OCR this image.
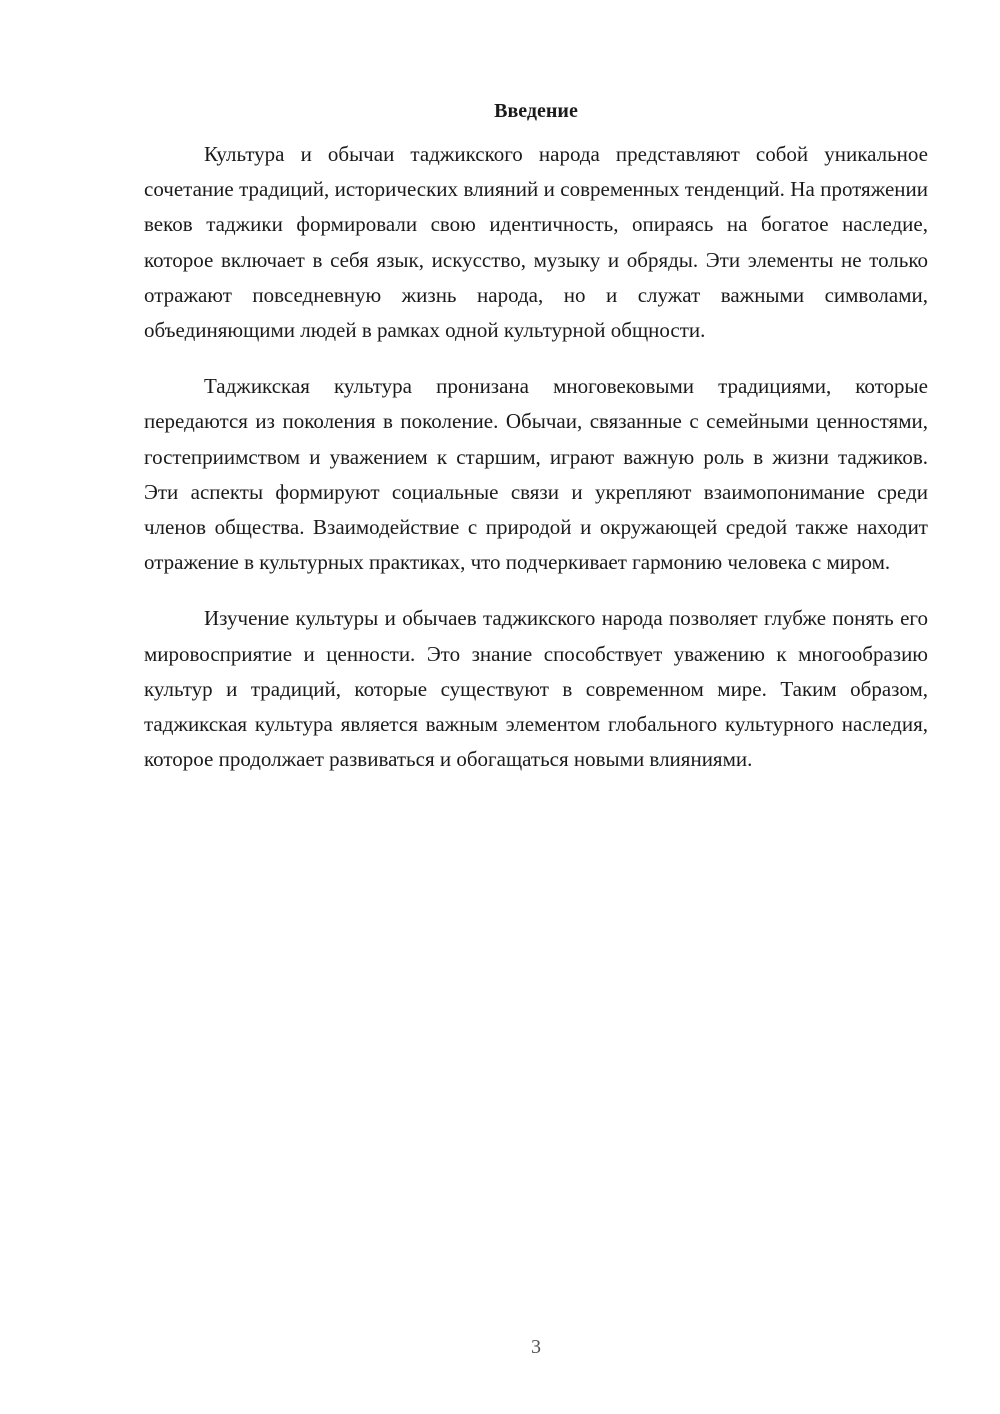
Введение

Культура и обычаи таджикского народа представляют собой уникальное сочетание традиций, исторических влияний и современных тенденций. На протяжении веков таджики формировали свою идентичность, опираясь на богатое наследие, которое включает в себя язык, искусство, музыку и обряды. Эти элементы не только отражают повседневную жизнь народа, но и служат важными символами, объединяющими людей в рамках одной культурной общности.

Таджикская культура пронизана многовековыми традициями, которые передаются из поколения в поколение. Обычаи, связанные с семейными ценностями, гостеприимством и уважением к старшим, играют важную роль в жизни таджиков. Эти аспекты формируют социальные связи и укрепляют взаимопонимание среди членов общества. Взаимодействие с природой и окружающей средой также находит отражение в культурных практиках, что подчеркивает гармонию человека с миром.

Изучение культуры и обычаев таджикского народа позволяет глубже понять его мировосприятие и ценности. Это знание способствует уважению к многообразию культур и традиций, которые существуют в современном мире. Таким образом, таджикская культура является важным элементом глобального культурного наследия, которое продолжает развиваться и обогащаться новыми влияниями.

3
